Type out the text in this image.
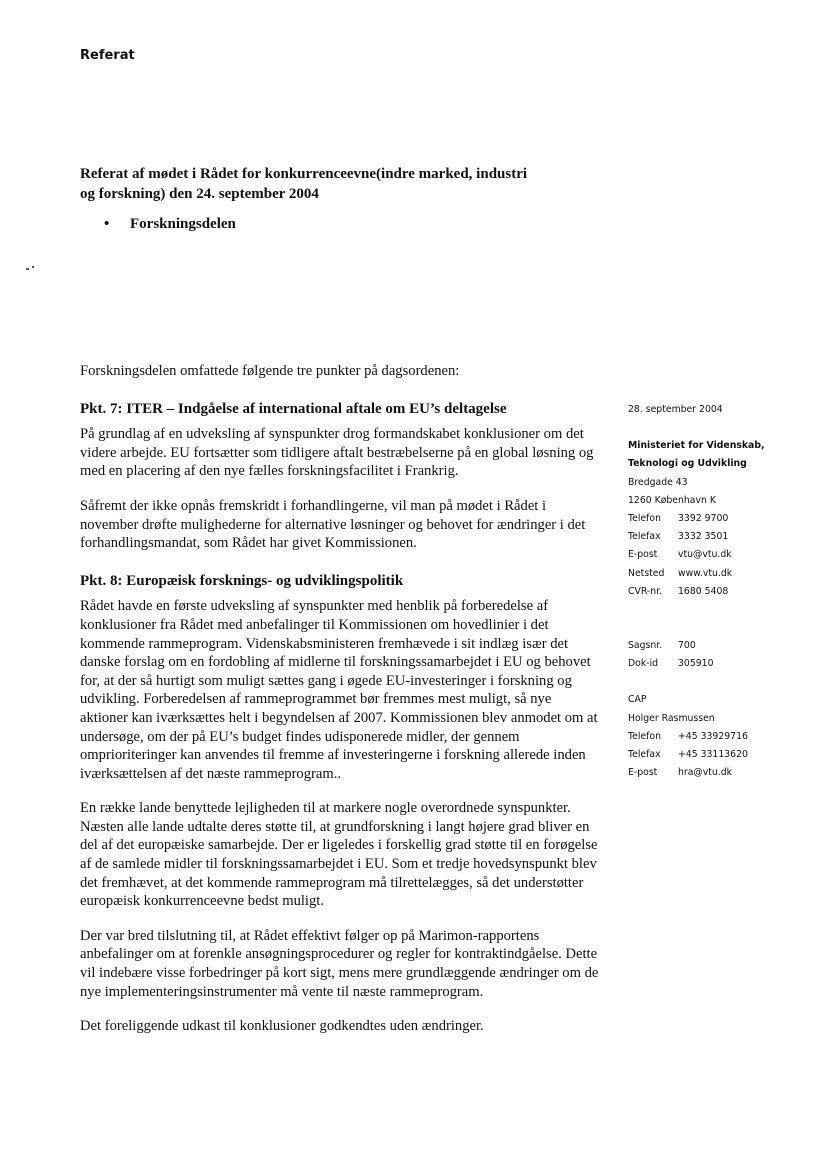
Referat
Referat af mødet i Rådet for konkurrenceevne(indre marked, industri
og forskning) den 24. september 2004
• Forskningsdelen

Forskningsdelen omfattede følgende tre punkter på dagsordenen:

Pkt. 7: ITER – Indgåelse af international aftale om EU’s deltagelse

På grundlag af en udveksling af synspunkter drog formandskabet konklusioner om det videre arbejde. EU fortsætter som tidligere aftalt bestræbelserne på en global løsning og med en placering af den nye fælles forskningsfacilitet i Frankrig.

Såfremt der ikke opnås fremskridt i forhandlingerne, vil man på mødet i Rådet i november drøfte mulighederne for alternative løsninger og behovet for ændringer i det forhandlingsmandat, som Rådet har givet Kommissionen.

Pkt. 8: Europæisk forsknings- og udviklingspolitik

Rådet havde en første udveksling af synspunkter med henblik på forberedelse af konklusioner fra Rådet med anbefalinger til Kommissionen om hovedlinier i det kommende rammeprogram. Videnskabsministeren fremhævede i sit indlæg især det danske forslag om en fordobling af midlerne til forskningssamarbejdet i EU og behovet for, at der så hurtigt som muligt sættes gang i øgede EU-investeringer i forskning og udvikling. Forberedelsen af rammeprogrammet bør fremmes mest muligt, så nye aktioner kan iværksættes helt i begyndelsen af 2007. Kommissionen blev anmodet om at undersøge, om der på EU’s budget findes udisponerede midler, der gennem omprioriteringer kan anvendes til fremme af investeringerne i forskning allerede inden iværksættelsen af det næste rammeprogram..

En række lande benyttede lejligheden til at markere nogle overordnede synspunkter. Næsten alle lande udtalte deres støtte til, at grundforskning i langt højere grad bliver en del af det europæiske samarbejde. Der er ligeledes i forskellig grad støtte til en forøgelse af de samlede midler til forskningssamarbejdet i EU. Som et tredje hovedsynspunkt blev det fremhævet, at det kommende rammeprogram må tilrettelægges, så det understøtter europæisk konkurrenceevne bedst muligt.

Der var bred tilslutning til, at Rådet effektivt følger op på Marimon-rapportens anbefalinger om at forenkle ansøgningsprocedurer og regler for kontraktindgåelse. Dette vil indebære visse forbedringer på kort sigt, mens mere grundlæggende ændringer om de nye implementeringsinstrumenter må vente til næste rammeprogram.

Det foreliggende udkast til konklusioner godkendtes uden ændringer.

28. september 2004
Ministeriet for Videnskab,
Teknologi og Udvikling
Bredgade 43
1260 København K
Telefon 3392 9700
Telefax 3332 3501
E-post vtu@vtu.dk
Netsted www.vtu.dk
CVR-nr. 1680 5408
Sagsnr. 700
Dok-id 305910
CAP
Holger Rasmussen
Telefon +45 33929716
Telefax +45 33113620
E-post hra@vtu.dk
